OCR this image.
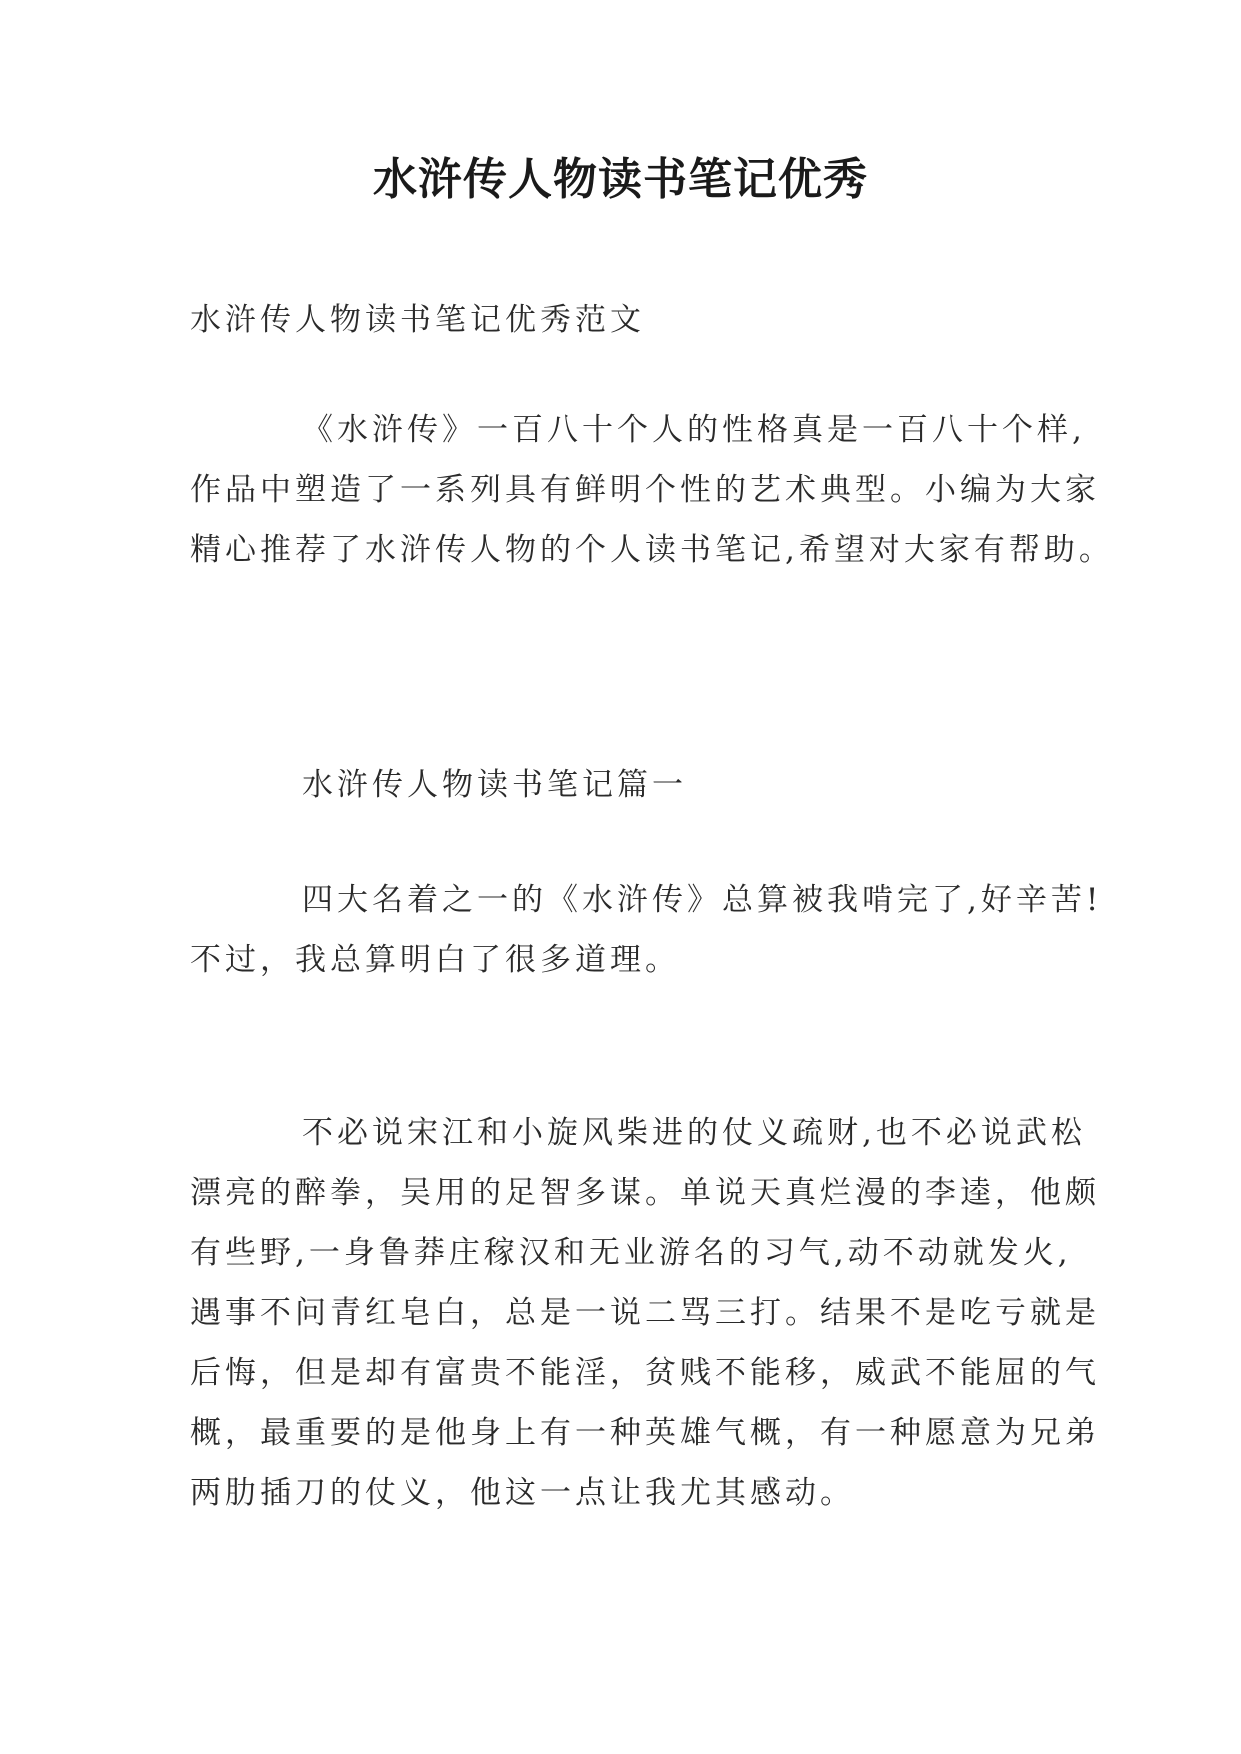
水浒传人物读书笔记优秀
水浒传人物读书笔记优秀范文
《水浒传》一百八十个人的性格真是一百八十个样,
作品中塑造了一系列具有鲜明个性的艺术典型。小编为大家
精心推荐了水浒传人物的个人读书笔记,希望对大家有帮助。
水浒传人物读书笔记篇一
四大名着之一的《水浒传》总算被我啃完了,好辛苦!
不过，我总算明白了很多道理。
不必说宋江和小旋风柴进的仗义疏财,也不必说武松
漂亮的醉拳，吴用的足智多谋。单说天真烂漫的李逵，他颇
有些野,一身鲁莽庄稼汉和无业游名的习气,动不动就发火,
遇事不问青红皂白，总是一说二骂三打。结果不是吃亏就是
后悔，但是却有富贵不能淫，贫贱不能移，威武不能屈的气
概，最重要的是他身上有一种英雄气概，有一种愿意为兄弟
两肋插刀的仗义，他这一点让我尤其感动。
